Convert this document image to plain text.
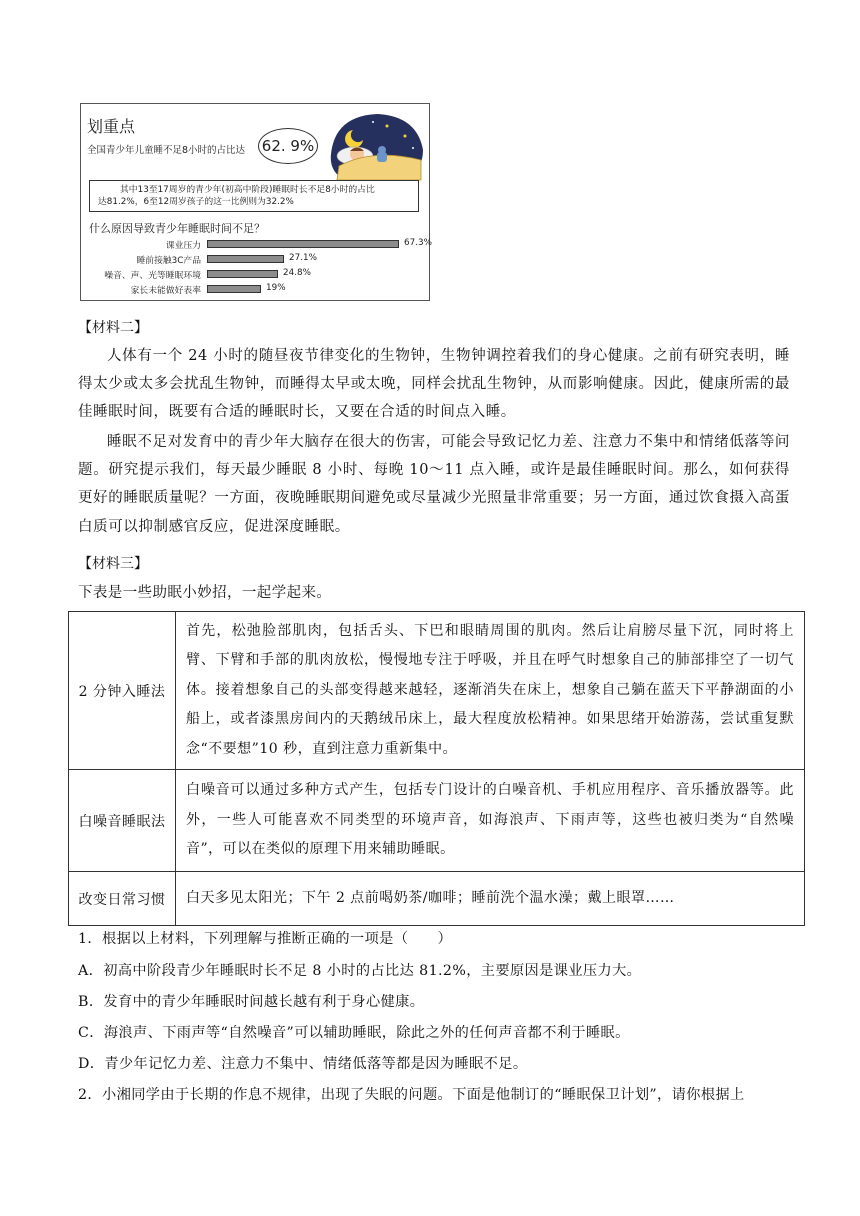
划重点
全国青少年儿童睡不足8小时的占比达 62. 9%
其中13至17周岁的青少年(初高中阶段)睡眠时长不足8小时的占比
达81.2%，6至12周岁孩子的这一比例则为32.2%
什么原因导致青少年睡眠时间不足？
课业压力	67.3%
睡前接触3C产品	27.1%
噪音、声、光等睡眠环境	24.8%
家长未能做好表率	19%
【材料二】
人体有一个 24 小时的随昼夜节律变化的生物钟，生物钟调控着我们的身心健康。之前有研究表明，睡得太少或太多会扰乱生物钟，而睡得太早或太晚，同样会扰乱生物钟，从而影响健康。因此，健康所需的最佳睡眠时间，既要有合适的睡眠时长，又要在合适的时间点入睡。
睡眠不足对发育中的青少年大脑存在很大的伤害，可能会导致记忆力差、注意力不集中和情绪低落等问题。研究提示我们，每天最少睡眠 8 小时、每晚 10～11 点入睡，或许是最佳睡眠时间。那么，如何获得更好的睡眠质量呢？一方面，夜晚睡眠期间避免或尽量减少光照量非常重要；另一方面，通过饮食摄入高蛋白质可以抑制感官反应，促进深度睡眠。
【材料三】
下表是一些助眠小妙招，一起学起来。
2 分钟入睡法	首先，松弛脸部肌肉，包括舌头、下巴和眼睛周围的肌肉。然后让肩膀尽量下沉，同时将上臂、下臂和手部的肌肉放松，慢慢地专注于呼吸，并且在呼气时想象自己的肺部排空了一切气体。接着想象自己的头部变得越来越轻，逐渐消失在床上，想象自己躺在蓝天下平静湖面的小船上，或者漆黑房间内的天鹅绒吊床上，最大程度放松精神。如果思绪开始游荡，尝试重复默念“不要想”10 秒，直到注意力重新集中。
白噪音睡眠法	白噪音可以通过多种方式产生，包括专门设计的白噪音机、手机应用程序、音乐播放器等。此外，一些人可能喜欢不同类型的环境声音，如海浪声、下雨声等，这些也被归类为“自然噪音”，可以在类似的原理下用来辅助睡眠。
改变日常习惯	白天多见太阳光；下午 2 点前喝奶茶/咖啡；睡前洗个温水澡；戴上眼罩……
1．根据以上材料，下列理解与推断正确的一项是（　　）
A．初高中阶段青少年睡眠时长不足 8 小时的占比达 81.2%，主要原因是课业压力大。
B．发育中的青少年睡眠时间越长越有利于身心健康。
C．海浪声、下雨声等“自然噪音”可以辅助睡眠，除此之外的任何声音都不利于睡眠。
D．青少年记忆力差、注意力不集中、情绪低落等都是因为睡眠不足。
2．小湘同学由于长期的作息不规律，出现了失眠的问题。下面是他制订的“睡眠保卫计划”，请你根据上
